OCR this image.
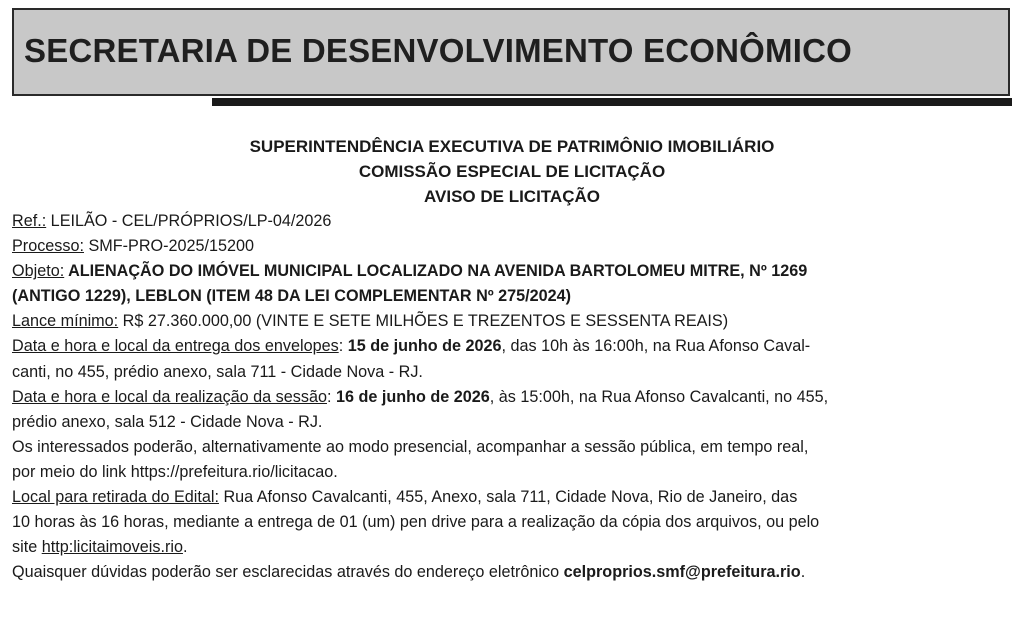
SECRETARIA DE DESENVOLVIMENTO ECONÔMICO
SUPERINTENDÊNCIA EXECUTIVA DE PATRIMÔNIO IMOBILIÁRIO
COMISSÃO ESPECIAL DE LICITAÇÃO
AVISO DE LICITAÇÃO
Ref.: LEILÃO - CEL/PRÓPRIOS/LP-04/2026
Processo: SMF-PRO-2025/15200
Objeto: ALIENAÇÃO DO IMÓVEL MUNICIPAL LOCALIZADO NA AVENIDA BARTOLOMEU MITRE, Nº 1269
(ANTIGO 1229), LEBLON (ITEM 48 DA LEI COMPLEMENTAR Nº 275/2024)
Lance mínimo: R$ 27.360.000,00 (VINTE E SETE MILHÕES E TREZENTOS E SESSENTA REAIS)
Data e hora e local da entrega dos envelopes: 15 de junho de 2026, das 10h às 16:00h, na Rua Afonso Caval-
canti, no 455, prédio anexo, sala 711 - Cidade Nova - RJ.
Data e hora e local da realização da sessão: 16 de junho de 2026, às 15:00h, na Rua Afonso Cavalcanti, no 455,
prédio anexo, sala 512 - Cidade Nova - RJ.
Os interessados poderão, alternativamente ao modo presencial, acompanhar a sessão pública, em tempo real,
por meio do link https://prefeitura.rio/licitacao.
Local para retirada do Edital: Rua Afonso Cavalcanti, 455, Anexo, sala 711, Cidade Nova, Rio de Janeiro, das
10 horas às 16 horas, mediante a entrega de 01 (um) pen drive para a realização da cópia dos arquivos, ou pelo
site http:licitaimoveis.rio.
Quaisquer dúvidas poderão ser esclarecidas através do endereço eletrônico celproprios.smf@prefeitura.rio.
